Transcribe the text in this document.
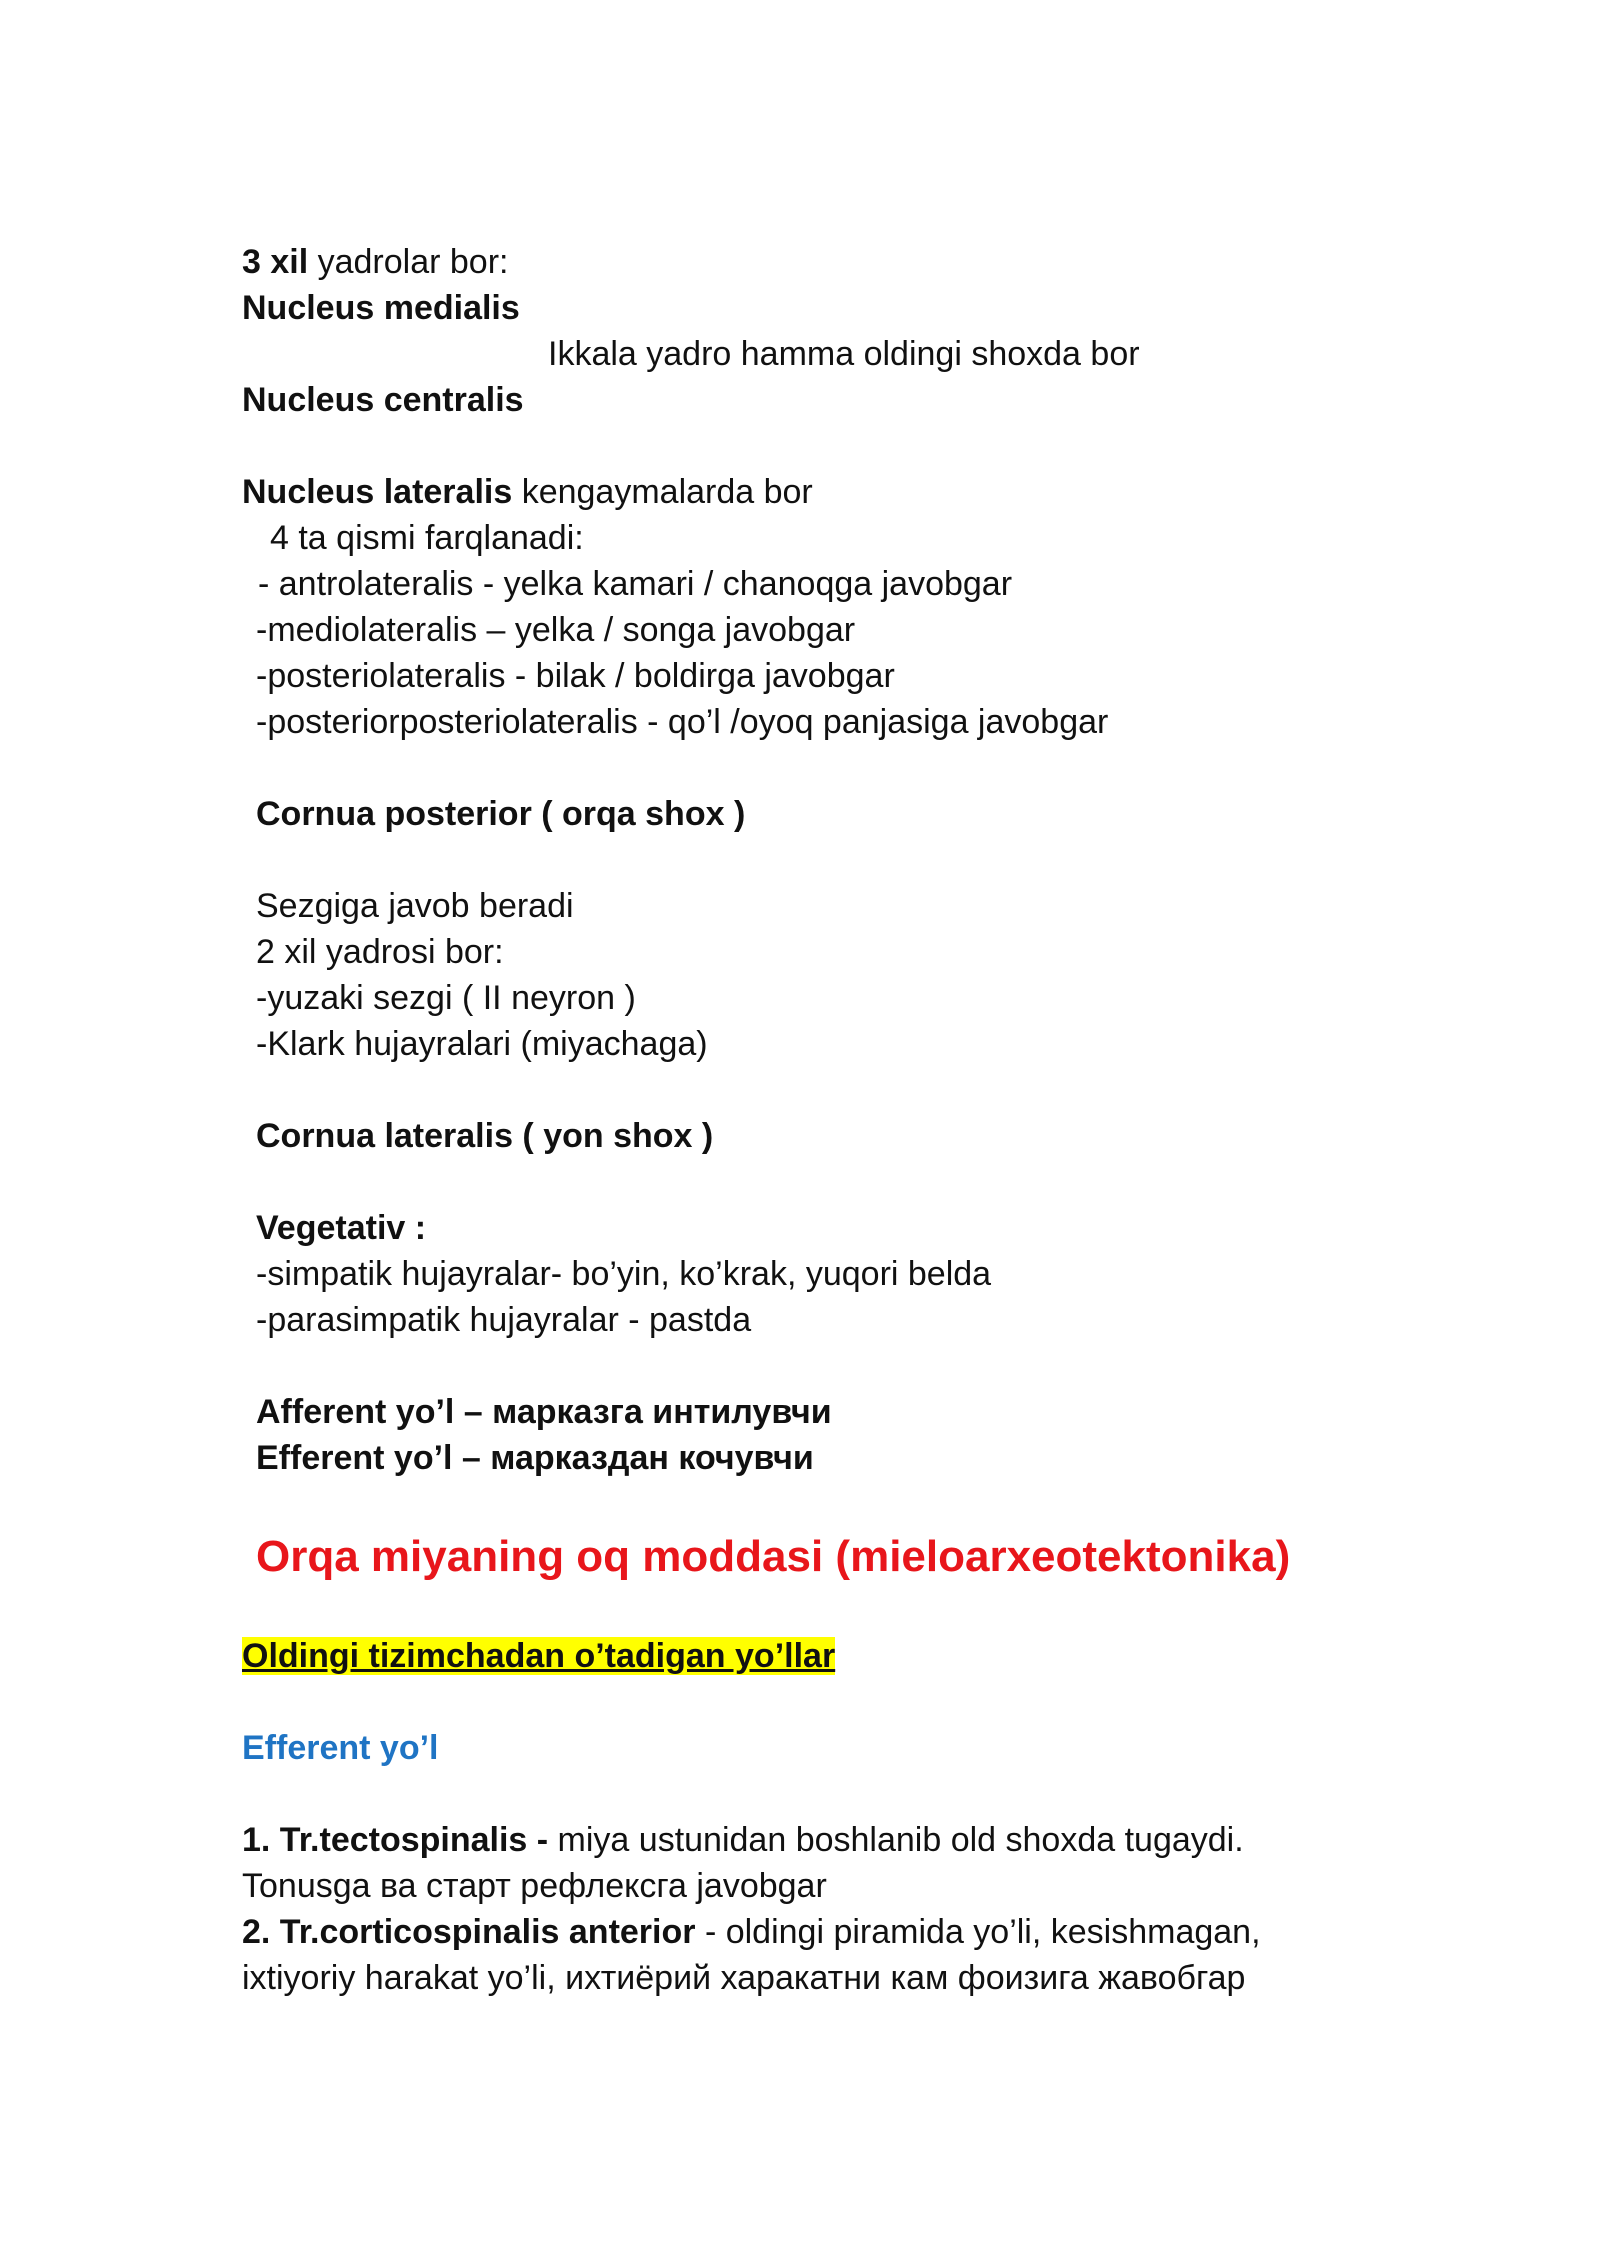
3 xil yadrolar bor:
Nucleus medialis
Ikkala yadro hamma oldingi shoxda bor
Nucleus centralis
Nucleus lateralis kengaymalarda bor
4 ta qismi farqlanadi:
- antrolateralis - yelka kamari / chanoqga javobgar
-mediolateralis – yelka / songa javobgar
-posteriolateralis - bilak / boldirga javobgar
-posteriorposteriolateralis - qo’l /oyoq panjasiga javobgar
Cornua posterior ( orqa shox )
Sezgiga javob beradi
2 xil yadrosi bor:
-yuzaki sezgi ( II neyron )
-Klark hujayralari (miyachaga)
Cornua lateralis ( yon shox )
Vegetativ :
-simpatik hujayralar- bo’yin, ko’krak, yuqori belda
-parasimpatik hujayralar - pastda
Afferent yo’l – марказга интилувчи
Efferent yo’l – марказдан кочувчи
Orqa miyaning oq moddasi (mieloarxeotektonika)
Oldingi tizimchadan o’tadigan yo’llar
Efferent yo’l
1. Tr.tectospinalis - miya ustunidan boshlanib old shoxda tugaydi.
Tonusga ва старт рефлексга javobgar
2. Tr.corticospinalis anterior - oldingi piramida yo’li, kesishmagan,
ixtiyoriy harakat yo’li, ихтиёрий харакатни кам фоизига жавобгар
